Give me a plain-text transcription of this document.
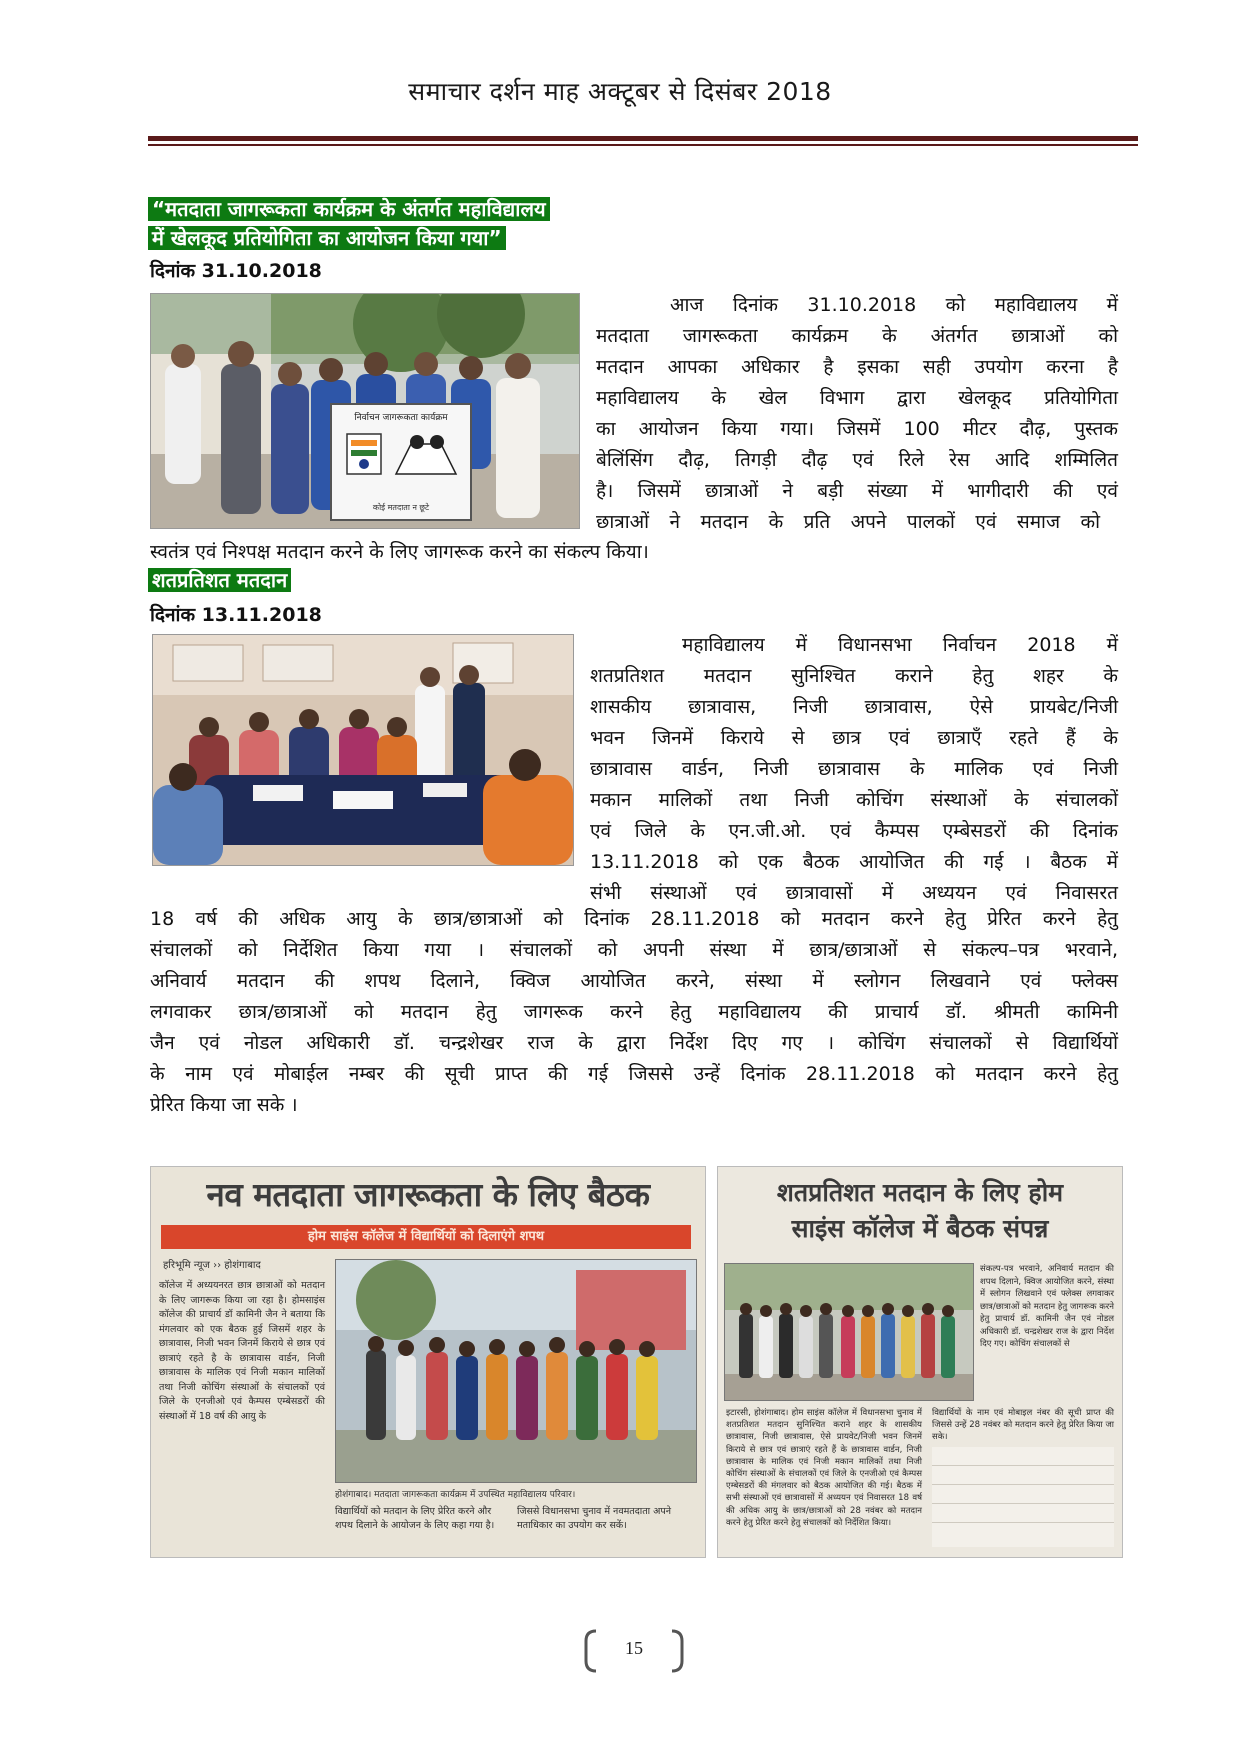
समाचार दर्शन माह अक्टूबर से दिसंबर 2018
“मतदाता जागरूकता कार्यक्रम के अंतर्गत महाविद्यालय
में खेलकूद प्रतियोगिता का आयोजन किया गया”
दिनांक 31.10.2018
निर्वाचन जागरूकता कार्यक्रम
कोई मतदाता न छूटे

आज दिनांक 31.10.2018 को महाविद्यालय में

मतदाता जागरूकता कार्यक्रम के अंतर्गत छात्राओं को

मतदान आपका अधिकार है इसका सही उपयोग करना है

महाविद्यालय के खेल विभाग द्वारा खेलकूद प्रतियोगिता

का आयोजन किया गया। जिसमें 100 मीटर दौढ़, पुस्तक

बेलिंसिंग दौढ़, तिगड़ी दौढ़ एवं रिले रेस आदि शम्मिलित

है। जिसमें छात्राओं ने बड़ी संख्या में भागीदारी की एवं

छात्राओं ने मतदान के प्रति अपने पालकों एवं समाज को

स्वतंत्र एवं निश्पक्ष मतदान करने के लिए जागरूक करने का संकल्प किया।
शतप्रतिशत मतदान
दिनांक 13.11.2018

महाविद्यालय में विधानसभा निर्वाचन 2018 में

शतप्रतिशत मतदान सुनिश्चित कराने हेतु शहर के

शासकीय छात्रावास, निजी छात्रावास, ऐसे प्रायबेट/निजी

भवन जिनमें किराये से छात्र एवं छात्राऍं रहते हैं के

छात्रावास वार्डन, निजी छात्रावास के मालिक एवं निजी

मकान मालिकों तथा निजी कोचिंग संस्थाओं के संचालकों

एवं जिले के एन.जी.ओ. एवं कैम्पस एम्बेसडरों की दिनांक

13.11.2018 को एक बैठक आयोजित की गई । बैठक में

संभी संस्थाओं एवं छात्रावासों में अध्ययन एवं निवासरत

18 वर्ष की अधिक आयु के छात्र/छात्राओं को दिनांक 28.11.2018 को मतदान करने हेतु प्रेरित करने हेतु

संचालकों को निर्देशित किया गया । संचालकों को अपनी संस्था में छात्र/छात्राओं से संकल्प–पत्र भरवाने,

अनिवार्य मतदान की शपथ दिलाने, क्विज आयोजित करने, संस्था में स्लोगन लिखवाने एवं फ्लेक्स

लगवाकर छात्र/छात्राओं को मतदान हेतु जागरूक करने हेतु महाविद्यालय की प्राचार्य डॉ. श्रीमती कामिनी

जैन एवं नोडल अधिकारी डॉ. चन्द्रशेखर राज के द्वारा निर्देश दिए गए । कोचिंग संचालकों से विद्यार्थियों

के नाम एवं मोबाईल नम्बर की सूची प्राप्त की गई जिससे उन्हें दिनांक 28.11.2018 को मतदान करने हेतु

प्रेरित किया जा सके ।

नव मतदाता जागरूकता के लिए बैठक
होम साइंस कॉलेज में विद्यार्थियों को दिलाएंगे शपथ
हरिभूमि न्यूज ›› होशंगाबाद
कॉलेज में अध्ययनरत छात्र छात्राओं को मतदान के लिए जागरूक किया जा रहा है। होमसाइंस कॉलेज की प्राचार्य डॉ कामिनी जैन ने बताया कि मंगलवार को एक बैठक हुई जिसमें शहर के छात्रावास, निजी भवन जिनमें किराये से छात्र एवं छात्राएं रहते है के छात्रावास वार्डन, निजी छात्रावास के मालिक एवं निजी मकान मालिकों तथा निजी कोचिंग संस्थाओं के संचालकों एवं जिले के एनजीओ एवं कैम्पस एम्बेसडरों की संस्थाओं में 18 वर्ष की आयु के
होशंगाबाद। मतदाता जागरूकता कार्यक्रम में उपस्थित महाविद्यालय परिवार।
विद्यार्थियों को मतदान के लिए प्रेरित करने और शपथ दिलाने के आयोजन के लिए कहा गया है।
जिससे विधानसभा चुनाव में नवमतदाता अपने मताधिकार का उपयोग कर सकें।
शतप्रतिशत मतदान के लिए होम
साइंस कॉलेज में बैठक संपन्न
संकल्प-पत्र भरवाने, अनिवार्य मतदान की शपथ दिलाने, क्विज आयोजित करने, संस्था में स्लोगन लिखवाने एवं फ्लेक्स लगवाकर छात्र/छात्राओं को मतदान हेतु जागरूक करने हेतु प्राचार्य डॉ. कामिनी जैन एवं नोडल अधिकारी डॉ. चन्द्रशेखर राज के द्वारा निर्देश दिए गए। कोचिंग संचालकों से
इटारसी, होशंगाबाद। होम साइंस कॉलेज में विधानसभा चुनाव में शतप्रतिशत मतदान सुनिश्चित कराने शहर के शासकीय छात्रावास, निजी छात्रावास, ऐसे प्रायवेट/निजी भवन जिनमें किराये से छात्र एवं छात्राएं रहते हैं के छात्रावास वार्डन, निजी छात्रावास के मालिक एवं निजी मकान मालिकों तथा निजी कोचिंग संस्थाओं के संचालकों एवं जिले के एनजीओ एवं कैम्पस एम्बेसडरों की मंगलवार को बैठक आयोजित की गई। बैठक में सभी संस्थाओं एवं छात्रावासों में अध्ययन एवं निवासरत 18 वर्ष की अधिक आयु के छात्र/छात्राओं को 28 नवंबर को मतदान करने हेतु प्रेरित करने हेतु संचालकों को निर्देशित किया।
विद्यार्थियों के नाम एवं मोबाइल नंबर की सूची प्राप्त की जिससे उन्हें 28 नवंबर को मतदान करने हेतु प्रेरित किया जा सके।
15
